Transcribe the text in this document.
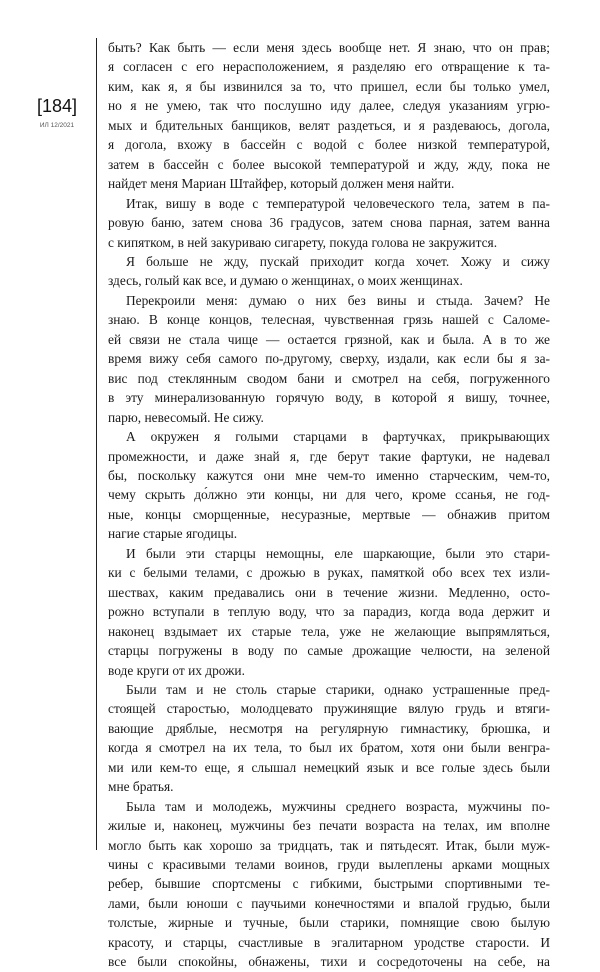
[184]
ИЛ 12/2021
быть? Как быть — если меня здесь вообще нет. Я знаю, что он прав;
я согласен с его нерасположением, я разделяю его отвращение к та-
ким, как я, я бы извинился за то, что пришел, если бы только умел,
но я не умею, так что послушно иду далее, следуя указаниям угрю-
мых и бдительных банщиков, велят раздеться, и я раздеваюсь, догола,
я догола, вхожу в бассейн с водой с более низкой температурой,
затем в бассейн с более высокой температурой и жду, жду, пока не
найдет меня Мариан Штайфер, который должен меня найти.
Итак, вишу в воде с температурой человеческого тела, затем в па-
ровую баню, затем снова 36 градусов, затем снова парная, затем ванна
с кипятком, в ней закуриваю сигарету, покуда голова не закружится.
Я больше не жду, пускай приходит когда хочет. Хожу и сижу
здесь, голый как все, и думаю о женщинах, о моих женщинах.
Перекроили меня: думаю о них без вины и стыда. Зачем? Не
знаю. В конце концов, телесная, чувственная грязь нашей с Саломе-
ей связи не стала чище — остается грязной, как и была. А в то же
время вижу себя самого по-другому, сверху, издали, как если бы я за-
вис под стеклянным сводом бани и смотрел на себя, погруженного
в эту минерализованную горячую воду, в которой я вишу, точнее,
парю, невесомый. Не сижу.
А окружен я голыми старцами в фартучках, прикрывающих
промежности, и даже знай я, где берут такие фартуки, не надевал
бы, поскольку кажутся они мне чем-то именно старческим, чем-то,
чему скрыть до́лжно эти концы, ни для чего, кроме ссанья, не год-
ные, концы сморщенные, несуразные, мертвые — обнажив притом
нагие старые ягодицы.
И были эти старцы немощны, еле шаркающие, были это стари-
ки с белыми телами, с дрожью в руках, памяткой обо всех тех изли-
шествах, каким предавались они в течение жизни. Медленно, осто-
рожно вступали в теплую воду, что за парадиз, когда вода держит и
наконец вздымает их старые тела, уже не желающие выпрямляться,
старцы погружены в воду по самые дрожащие челюсти, на зеленой
воде круги от их дрожи.
Были там и не столь старые старики, однако устрашенные пред-
стоящей старостью, молодцевато пружинящие вялую грудь и втяги-
вающие дряблые, несмотря на регулярную гимнастику, брюшка, и
когда я смотрел на их тела, то был их братом, хотя они были венгра-
ми или кем-то еще, я слышал немецкий язык и все голые здесь были
мне братья.
Была там и молодежь, мужчины среднего возраста, мужчины по-
жилые и, наконец, мужчины без печати возраста на телах, им вполне
могло быть как хорошо за тридцать, так и пятьдесят. Итак, были муж-
чины с красивыми телами воинов, груди вылеплены арками мощных
ребер, бывшие спортсмены с гибкими, быстрыми спортивными те-
лами, были юноши с паучьими конечностями и впалой грудью, были
толстые, жирные и тучные, были старики, помнящие свою былую
красоту, и старцы, счастливые в эгалитарном уродстве старости. И
все были спокойны, обнажены, тихи и сосредоточены на себе, на
